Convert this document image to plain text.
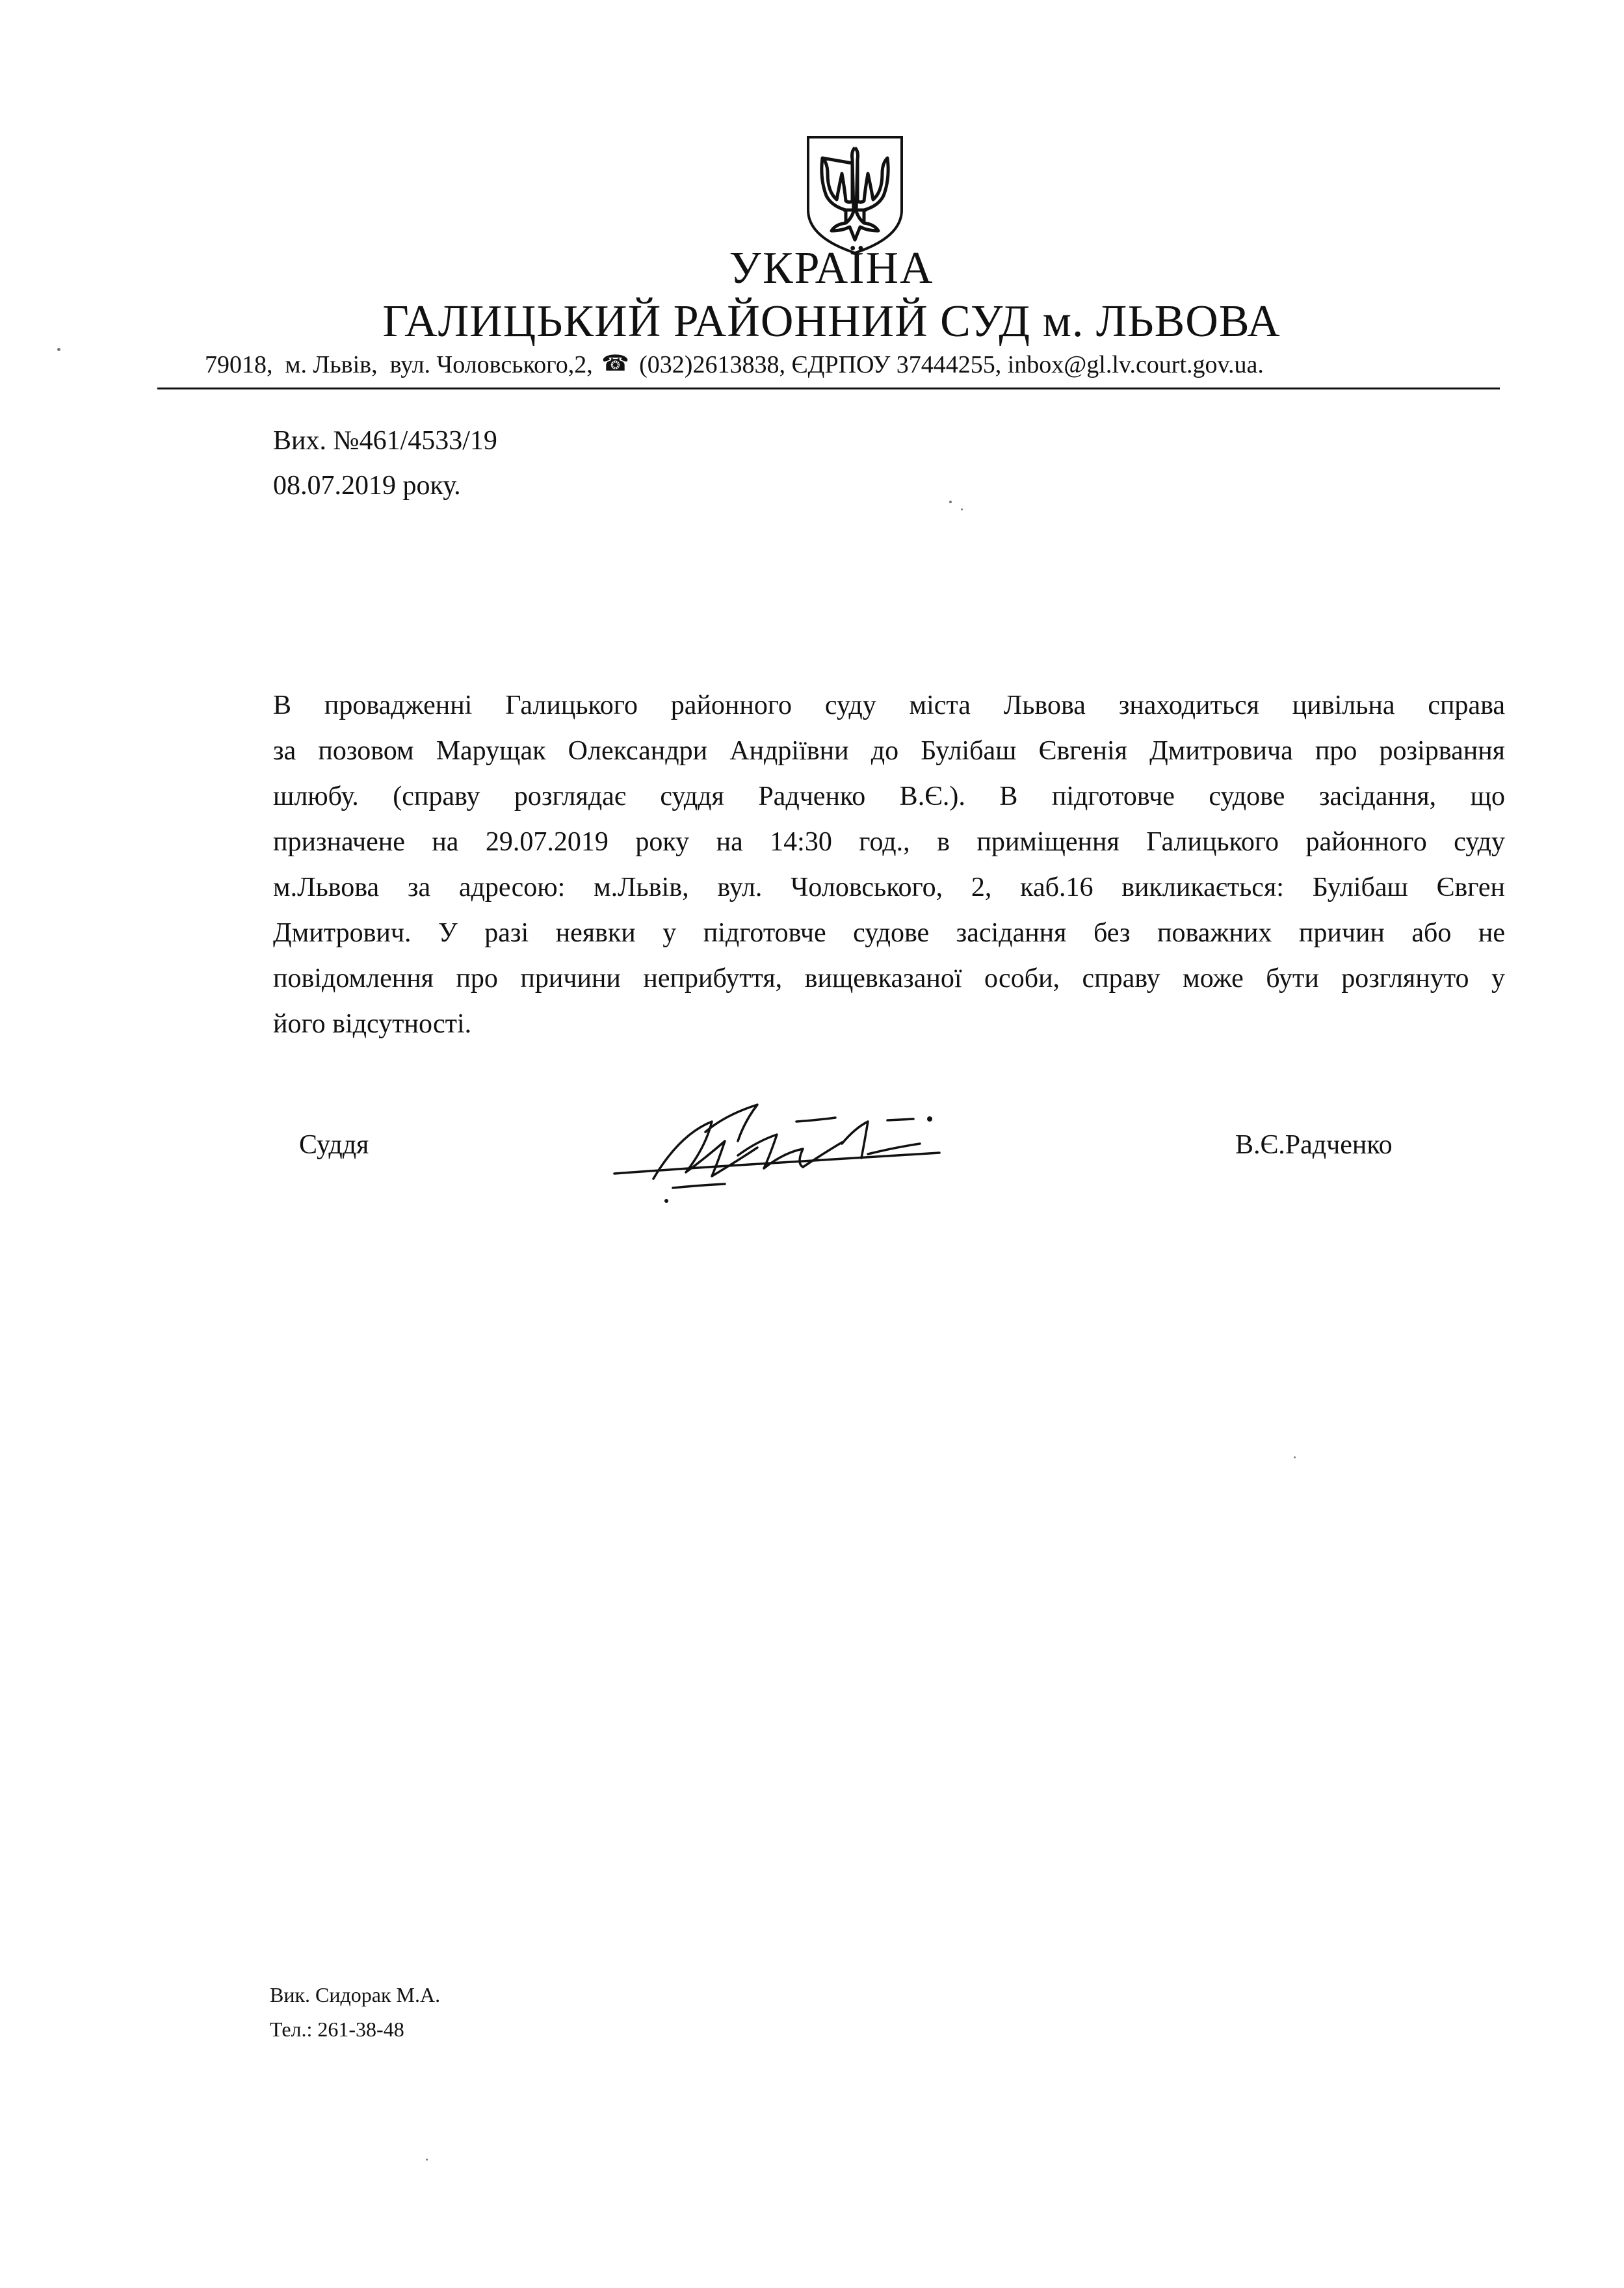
УКРАЇНА
ГАЛИЦЬКИЙ РАЙОННИЙ СУД м. ЛЬВОВА
79018,  м. Львів,  вул. Чоловського,2, ☎ (032)2613838, ЄДРПОУ 37444255, inbox@gl.lv.court.gov.ua.
Вих. №461/4533/19
08.07.2019 року.
В провадженні Галицького районного суду міста Львова знаходиться цивільна справа
за позовом Марущак Олександри Андріївни до Булібаш Євгенія Дмитровича про розірвання
шлюбу. (справу розглядає суддя Радченко В.Є.). В підготовче судове засідання, що
призначене на 29.07.2019 року на 14:30 год., в приміщення Галицького районного суду
м.Львова за адресою: м.Львів, вул. Чоловського, 2, каб.16 викликається: Булібаш Євген
Дмитрович. У разі неявки у підготовче судове засідання без поважних причин або не
повідомлення про причини неприбуття, вищевказаної особи, справу може бути розглянуто у
його відсутності.
Суддя	В.Є.Радченко
Вик. Сидорак М.А.
Тел.: 261-38-48
